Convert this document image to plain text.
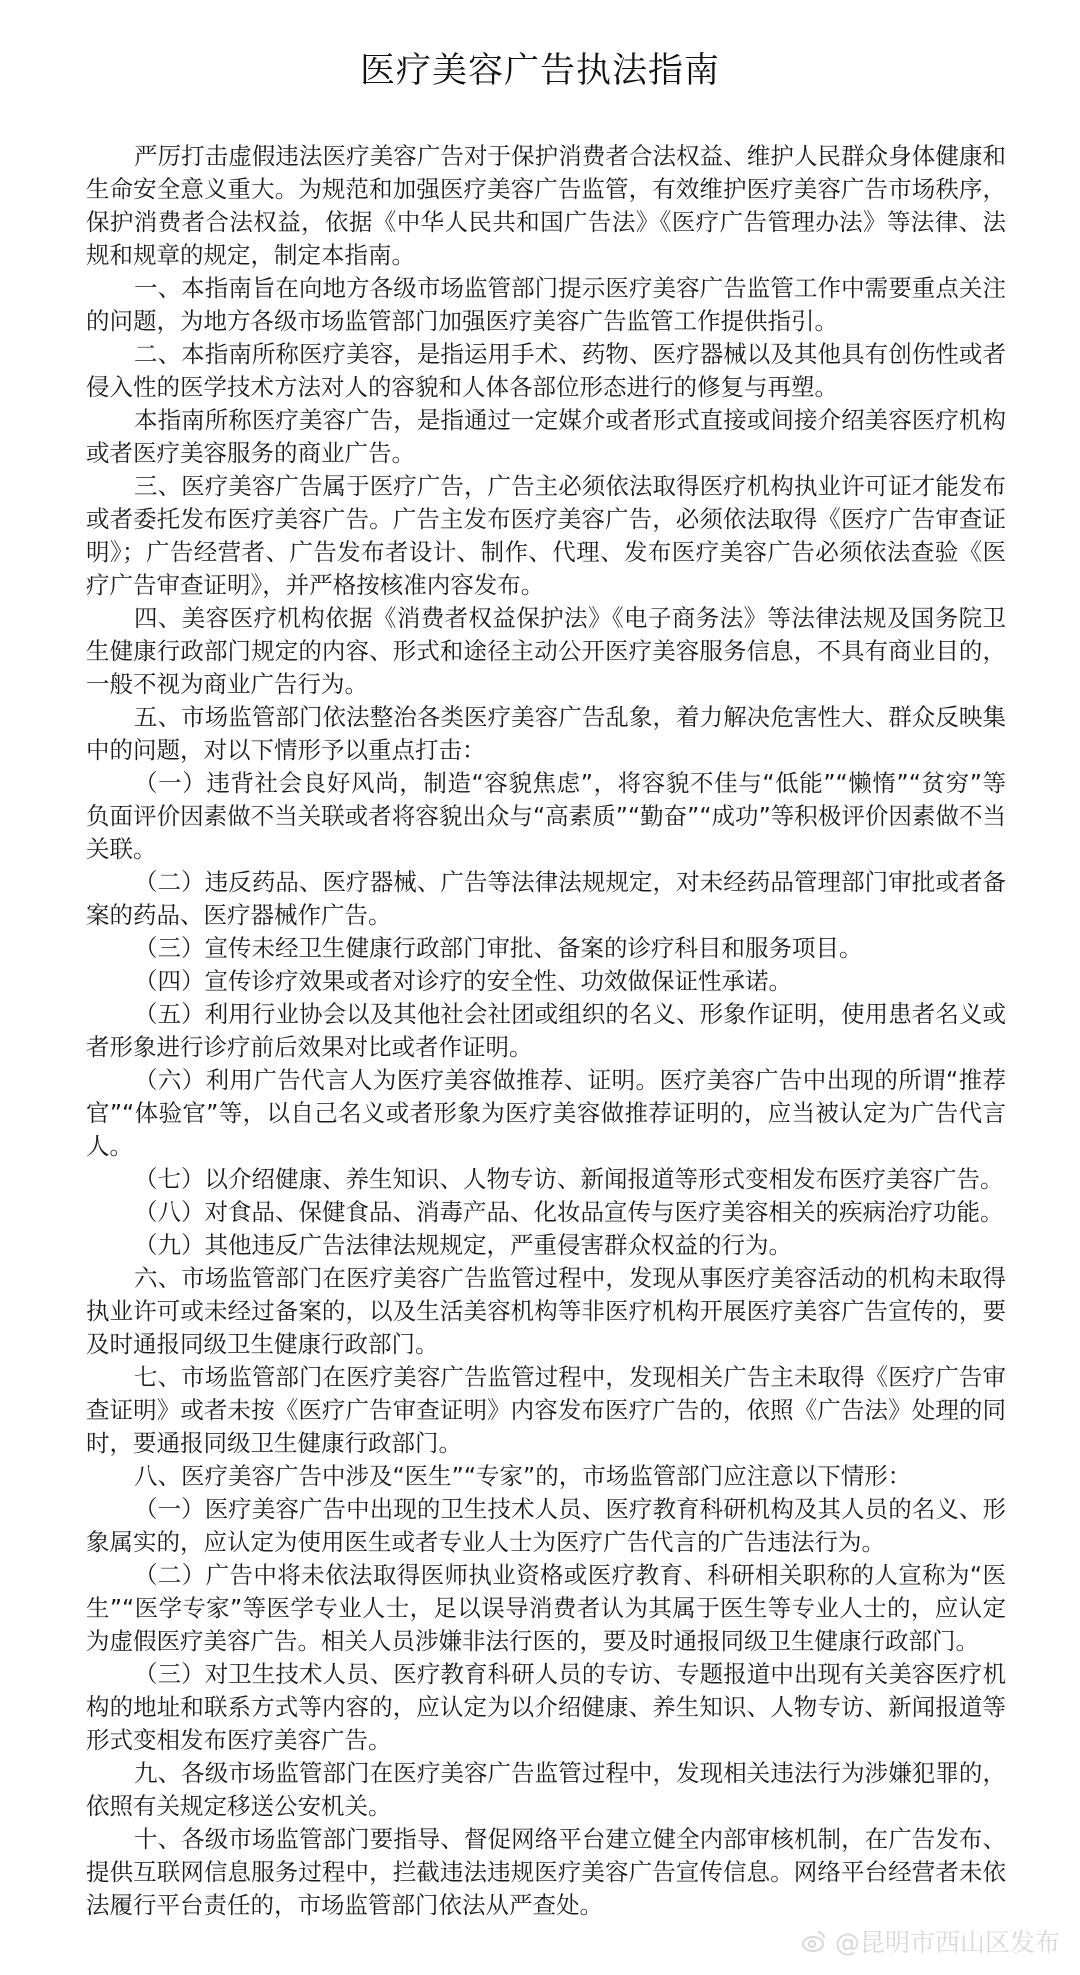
医疗美容广告执法指南

严厉打击虚假违法医疗美容广告对于保护消费者合法权益、维护人民群众身体健康和生命安全意义重大。为规范和加强医疗美容广告监管，有效维护医疗美容广告市场秩序，保护消费者合法权益，依据《中华人民共和国广告法》《医疗广告管理办法》等法律、法规和规章的规定，制定本指南。

一、本指南旨在向地方各级市场监管部门提示医疗美容广告监管工作中需要重点关注的问题，为地方各级市场监管部门加强医疗美容广告监管工作提供指引。

二、本指南所称医疗美容，是指运用手术、药物、医疗器械以及其他具有创伤性或者侵入性的医学技术方法对人的容貌和人体各部位形态进行的修复与再塑。

本指南所称医疗美容广告，是指通过一定媒介或者形式直接或间接介绍美容医疗机构或者医疗美容服务的商业广告。

三、医疗美容广告属于医疗广告，广告主必须依法取得医疗机构执业许可证才能发布或者委托发布医疗美容广告。广告主发布医疗美容广告，必须依法取得《医疗广告审查证明》；广告经营者、广告发布者设计、制作、代理、发布医疗美容广告必须依法查验《医疗广告审查证明》，并严格按核准内容发布。

四、美容医疗机构依据《消费者权益保护法》《电子商务法》等法律法规及国务院卫生健康行政部门规定的内容、形式和途径主动公开医疗美容服务信息，不具有商业目的，一般不视为商业广告行为。

五、市场监管部门依法整治各类医疗美容广告乱象，着力解决危害性大、群众反映集中的问题，对以下情形予以重点打击：

（一）违背社会良好风尚，制造“容貌焦虑”，将容貌不佳与“低能”“懒惰”“贫穷”等负面评价因素做不当关联或者将容貌出众与“高素质”“勤奋”“成功”等积极评价因素做不当关联。

（二）违反药品、医疗器械、广告等法律法规规定，对未经药品管理部门审批或者备案的药品、医疗器械作广告。

（三）宣传未经卫生健康行政部门审批、备案的诊疗科目和服务项目。

（四）宣传诊疗效果或者对诊疗的安全性、功效做保证性承诺。

（五）利用行业协会以及其他社会社团或组织的名义、形象作证明，使用患者名义或者形象进行诊疗前后效果对比或者作证明。

（六）利用广告代言人为医疗美容做推荐、证明。医疗美容广告中出现的所谓“推荐官”“体验官”等，以自己名义或者形象为医疗美容做推荐证明的，应当被认定为广告代言人。

（七）以介绍健康、养生知识、人物专访、新闻报道等形式变相发布医疗美容广告。

（八）对食品、保健食品、消毒产品、化妆品宣传与医疗美容相关的疾病治疗功能。

（九）其他违反广告法律法规规定，严重侵害群众权益的行为。

六、市场监管部门在医疗美容广告监管过程中，发现从事医疗美容活动的机构未取得执业许可或未经过备案的，以及生活美容机构等非医疗机构开展医疗美容广告宣传的，要及时通报同级卫生健康行政部门。

七、市场监管部门在医疗美容广告监管过程中，发现相关广告主未取得《医疗广告审查证明》或者未按《医疗广告审查证明》内容发布医疗广告的，依照《广告法》处理的同时，要通报同级卫生健康行政部门。

八、医疗美容广告中涉及“医生”“专家”的，市场监管部门应注意以下情形：

（一）医疗美容广告中出现的卫生技术人员、医疗教育科研机构及其人员的名义、形象属实的，应认定为使用医生或者专业人士为医疗广告代言的广告违法行为。

（二）广告中将未依法取得医师执业资格或医疗教育、科研相关职称的人宣称为“医生”“医学专家”等医学专业人士，足以误导消费者认为其属于医生等专业人士的，应认定为虚假医疗美容广告。相关人员涉嫌非法行医的，要及时通报同级卫生健康行政部门。

（三）对卫生技术人员、医疗教育科研人员的专访、专题报道中出现有关美容医疗机构的地址和联系方式等内容的，应认定为以介绍健康、养生知识、人物专访、新闻报道等形式变相发布医疗美容广告。

九、各级市场监管部门在医疗美容广告监管过程中，发现相关违法行为涉嫌犯罪的，依照有关规定移送公安机关。

十、各级市场监管部门要指导、督促网络平台建立健全内部审核机制，在广告发布、提供互联网信息服务过程中，拦截违法违规医疗美容广告宣传信息。网络平台经营者未依法履行平台责任的，市场监管部门依法从严查处。

@昆明市西山区发布
